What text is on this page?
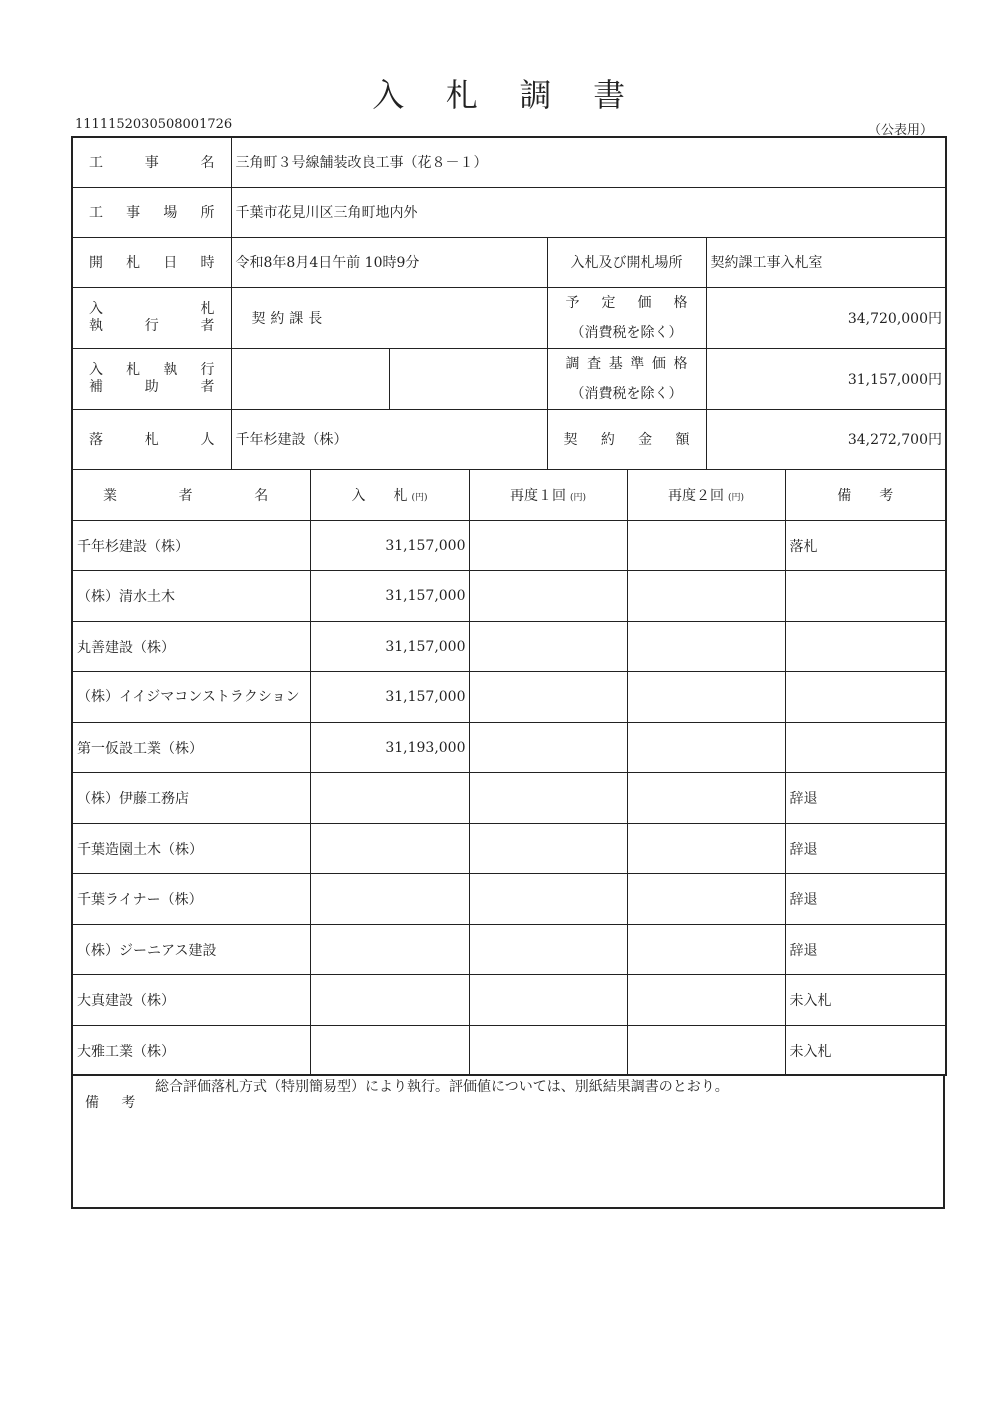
入 札 調 書
1111152030508001726	（公表用）
工　事　名	三角町３号線舗装改良工事（花８－１）			
工　事　場　所	千葉市花見川区三角町地内外			
開　札　日　時	令和8年8月4日午前 10時9分		入札及び開札場所	契約課工事入札室

入　　　札
執　行　者	契約課長		予　定　価　格
（消費税を除く）	34,720,000円

入　札　執　行
補　　助　　者			調 査 基 準 価 格
（消費税を除く）	31,157,000円
落　札　人	千年杉建設（株）		契　約　金　額	34,272,700円
業　　者　　名	入　　札 (円)	再度１回 (円)	再度２回 (円)	備　　考
千年杉建設（株）	31,157,000			落札
（株）清水土木	31,157,000			
丸善建設（株）	31,157,000			
（株）イイジマコンストラクション	31,157,000			
第一仮設工業（株）	31,193,000			
（株）伊藤工務店				辞退
千葉造園土木（株）				辞退
千葉ライナー（株）				辞退
（株）ジーニアス建設				辞退
大真建設（株）				未入札
大雅工業（株）				未入札
備考
総合評価落札方式（特別簡易型）により執行。評価値については、別紙結果調書のとおり。
